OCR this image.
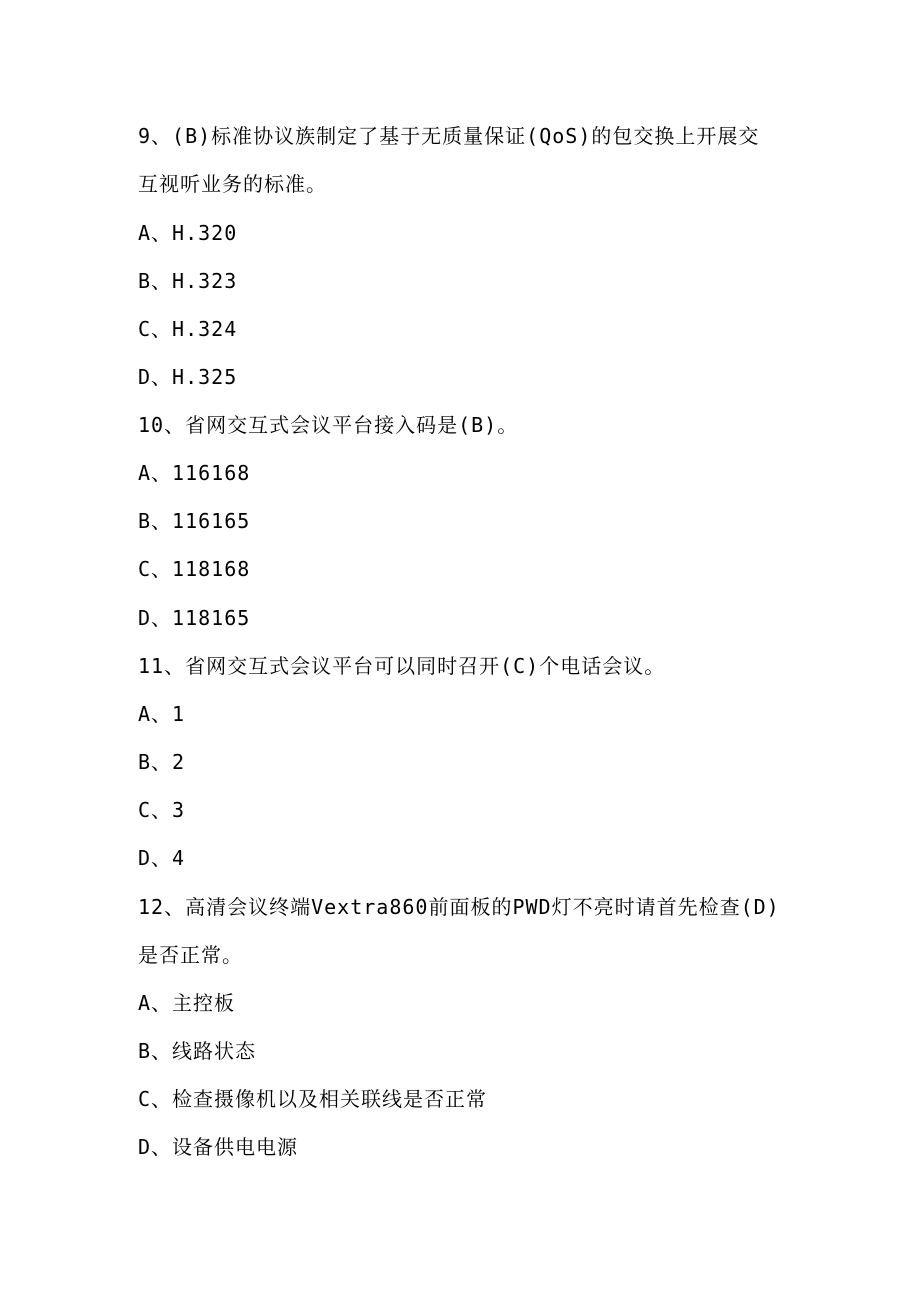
9、(B)标准协议族制定了基于无质量保证(QoS)的包交换上开展交
互视听业务的标准。
A、H.320
B、H.323
C、H.324
D、H.325
10、省网交互式会议平台接入码是(B)。
A、116168
B、116165
C、118168
D、118165
11、省网交互式会议平台可以同时召开(C)个电话会议。
A、1
B、2
C、3
D、4
12、高清会议终端Vextra860前面板的PWD灯不亮时请首先检查(D)
是否正常。
A、主控板
B、线路状态
C、检查摄像机以及相关联线是否正常
D、设备供电电源
